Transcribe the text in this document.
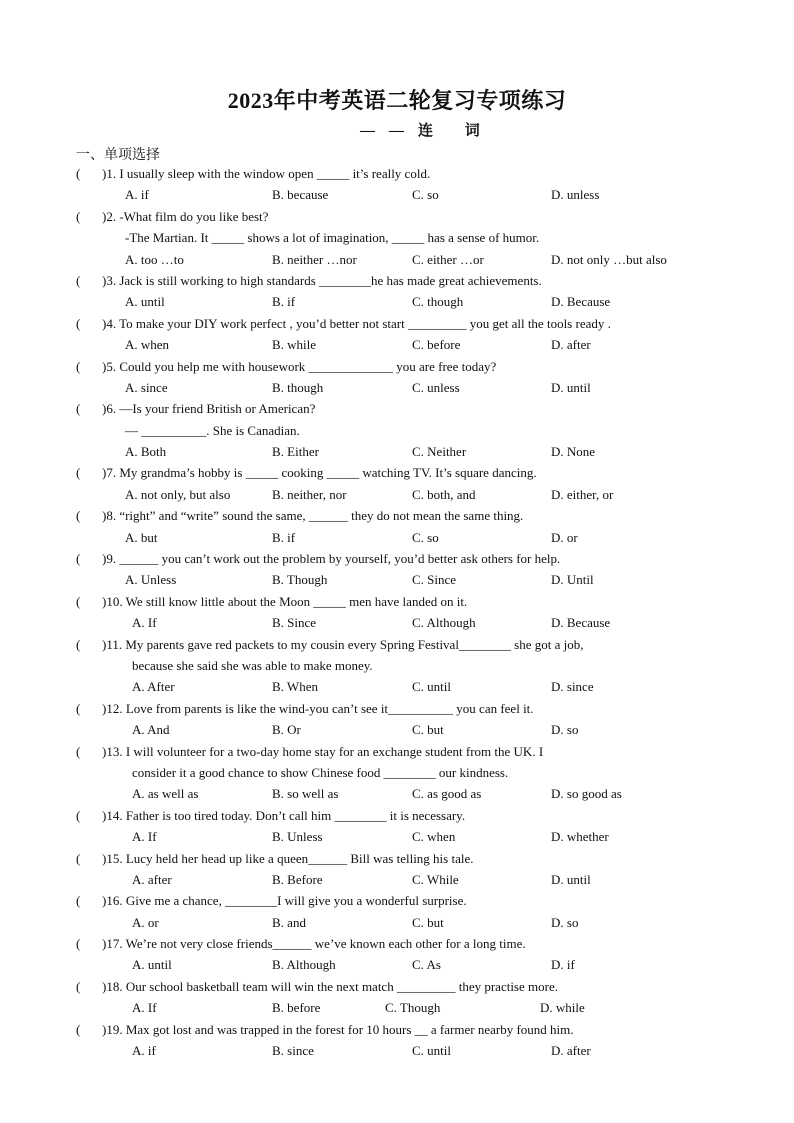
2023年中考英语二轮复习专项练习
——连 词
一、单项选择
( )1. I usually sleep with the window open _____ it’s really cold.
A. if	B. because	C. so	D. unless
( )2. -What film do you like best?
-The Martian. It _____ shows a lot of imagination, _____ has a sense of humor.
A. too …to	B. neither …nor	C. either …or	D. not only …but also
( )3. Jack is still working to high standards ________he has made great achievements.
A. until	B. if	C. though	D. Because
( )4. To make your DIY work perfect , you’d better not start _________ you get all the tools ready .
A. when	B. while	C. before	D. after
( )5. Could you help me with housework _____________ you are free today?
A. since	B. though	C. unless	D. until
( )6. —Is your friend British or American?
— __________. She is Canadian.
A. Both	B. Either	C. Neither	D. None
( )7. My grandma’s hobby is _____ cooking _____ watching TV. It’s square dancing.
A. not only, but also	B. neither, nor	C. both, and	D. either, or
( )8. “right” and “write” sound the same, ______ they do not mean the same thing.
A. but	B. if	C. so	D. or
( )9. ______ you can’t work out the problem by yourself, you’d better ask others for help.
A. Unless	B. Though	C. Since	D. Until
( )10. We still know little about the Moon _____ men have landed on it.
A. If	B. Since	C. Although	D. Because
( )11. My parents gave red packets to my cousin every Spring Festival________ she got a job,
because she said she was able to make money.
A. After	B. When	C. until	D. since
( )12. Love from parents is like the wind-you can’t see it__________ you can feel it.
A. And	B. Or	C. but	D. so
( )13. I will volunteer for a two-day home stay for an exchange student from the UK. I
consider it a good chance to show Chinese food ________ our kindness.
A. as well as	B. so well as	C. as good as	D. so good as
( )14. Father is too tired today. Don’t call him ________ it is necessary.
A. If	B. Unless	C. when	D. whether
( )15. Lucy held her head up like a queen______ Bill was telling his tale.
A. after	B. Before	C. While	D. until
( )16. Give me a chance, ________I will give you a wonderful surprise.
A. or	B. and	C. but	D. so
( )17. We’re not very close friends______ we’ve known each other for a long time.
A. until	B. Although	C. As	D. if
( )18. Our school basketball team will win the next match _________ they practise more.
A. If	B. before	C. Though	D. while
( )19. Max got lost and was trapped in the forest for 10 hours __ a farmer nearby found him.
A. if	B. since	C. until	D. after
